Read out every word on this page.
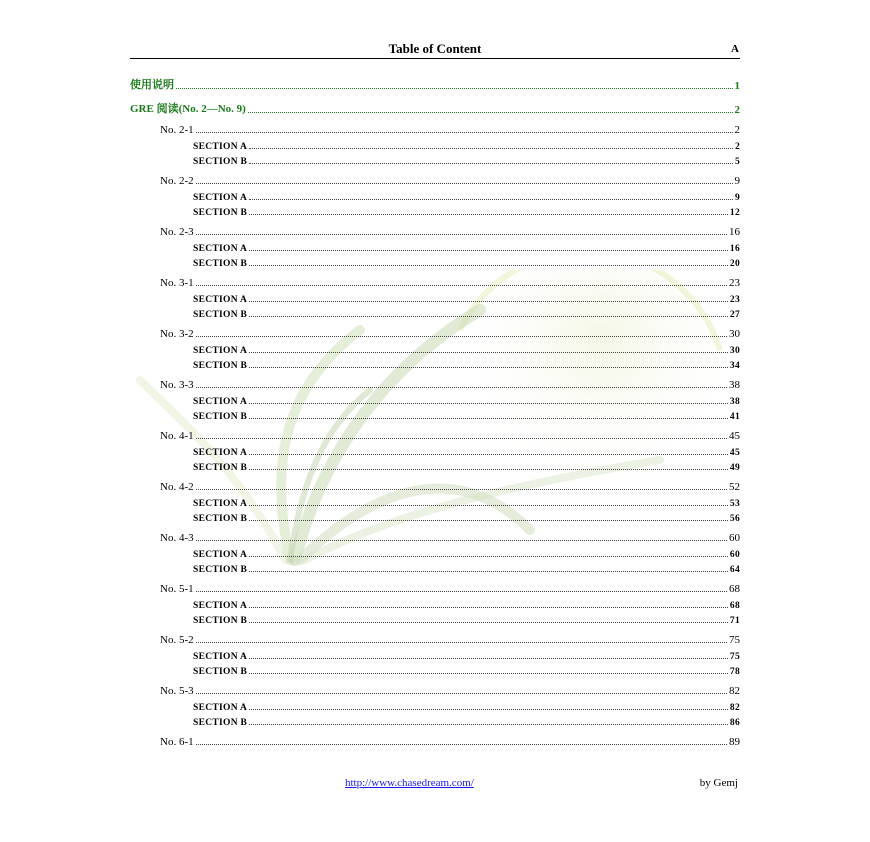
Table of Content	A
使用说明	1
GRE 阅读(No. 2—No. 9)	2
No. 2-1	2
SECTION A	2
SECTION B	5
No. 2-2	9
SECTION A	9
SECTION B	12
No. 2-3	16
SECTION A	16
SECTION B	20
No. 3-1	23
SECTION A	23
SECTION B	27
No. 3-2	30
SECTION A	30
SECTION B	34
No. 3-3	38
SECTION A	38
SECTION B	41
No. 4-1	45
SECTION A	45
SECTION B	49
No. 4-2	52
SECTION A	53
SECTION B	56
No. 4-3	60
SECTION A	60
SECTION B	64
No. 5-1	68
SECTION A	68
SECTION B	71
No. 5-2	75
SECTION A	75
SECTION B	78
No. 5-3	82
SECTION A	82
SECTION B	86
No. 6-1	89
http://www.chasedream.com/	by Gemj
